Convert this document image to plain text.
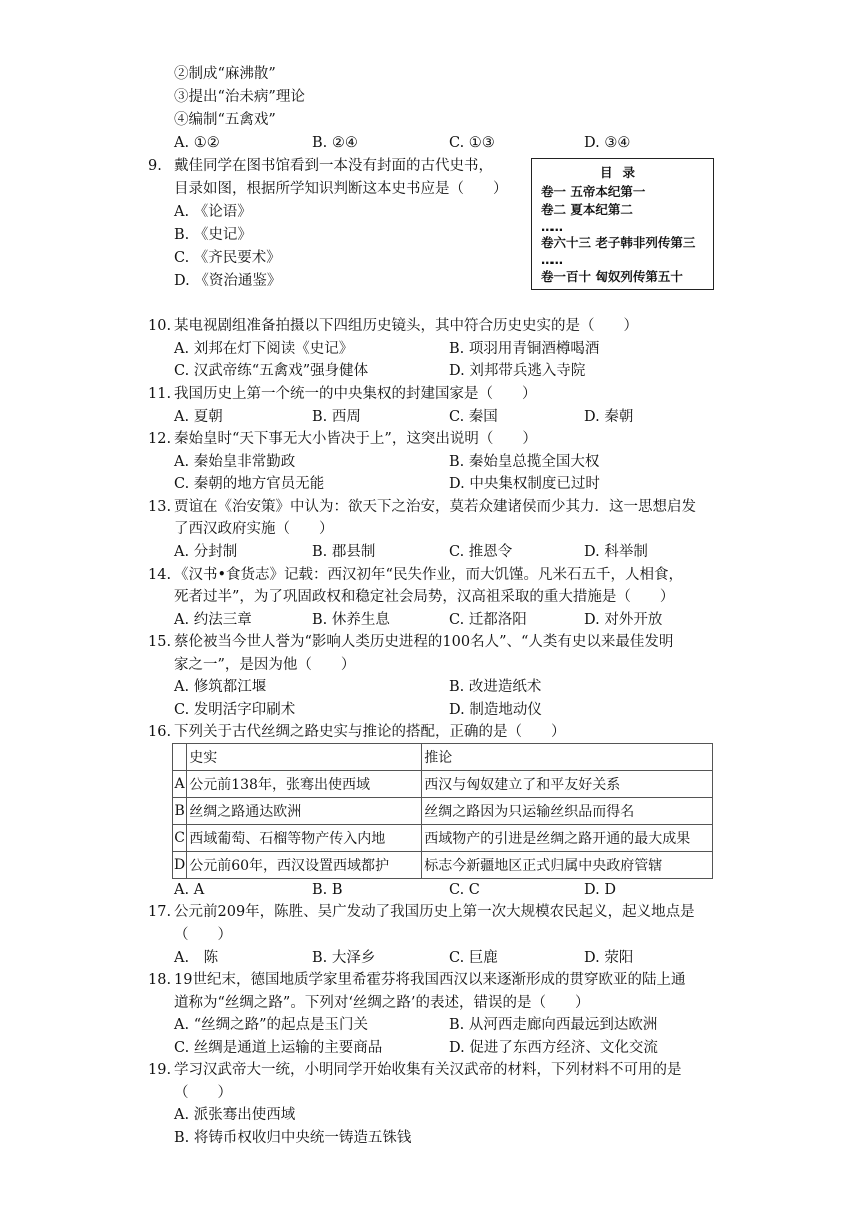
②制成“麻沸散”
③提出“治未病”理论
④编制“五禽戏”
A. ①②	B. ②④	C. ①③	D. ③④
9. 戴佳同学在图书馆看到一本没有封面的古代史书，
目录如图，根据所学知识判断这本史书应是（　　）
A. 《论语》
B. 《史记》
C. 《齐民要术》
D. 《资治通鉴》
目录
卷一 五帝本纪第一
卷二 夏本纪第二
……
卷六十三 老子韩非列传第三
……
卷一百十 匈奴列传第五十
10. 某电视剧组准备拍摄以下四组历史镜头，其中符合历史史实的是（　　）
A. 刘邦在灯下阅读《史记》	B. 项羽用青铜酒樽喝酒
C. 汉武帝练“五禽戏”强身健体	D. 刘邦带兵逃入寺院
11. 我国历史上第一个统一的中央集权的封建国家是（　　）
A. 夏朝	B. 西周	C. 秦国	D. 秦朝
12. 秦始皇时“天下事无大小皆决于上”，这突出说明（　　）
A. 秦始皇非常勤政	B. 秦始皇总揽全国大权
C. 秦朝的地方官员无能	D. 中央集权制度已过时
13. 贾谊在《治安策》中认为：欲天下之治安，莫若众建诸侯而少其力．这一思想启发
了西汉政府实施（　　）
A. 分封制	B. 郡县制	C. 推恩令	D. 科举制
14. 《汉书•食货志》记载：西汉初年“民失作业，而大饥馑。凡米石五千，人相食，
死者过半”，为了巩固政权和稳定社会局势，汉高祖采取的重大措施是（　　）
A. 约法三章	B. 休养生息	C. 迁都洛阳	D. 对外开放
15. 蔡伦被当今世人誉为“影响人类历史进程的100名人”、“人类有史以来最佳发明
家之一”，是因为他（　　）
A. 修筑都江堰	B. 改进造纸术
C. 发明活字印刷术	D. 制造地动仪
16. 下列关于古代丝绸之路史实与推论的搭配，正确的是（　　）
	史实	推论
A	公元前138年，张骞出使西域	西汉与匈奴建立了和平友好关系
B	丝绸之路通达欧洲	丝绸之路因为只运输丝织品而得名
C	西域葡萄、石榴等物产传入内地	西域物产的引进是丝绸之路开通的最大成果
D	公元前60年，西汉设置西域都护	标志今新疆地区正式归属中央政府管辖
A. A	B. B	C. C	D. D
17. 公元前209年，陈胜、吴广发动了我国历史上第一次大规模农民起义，起义地点是
（　　）
A.　陈	B. 大泽乡	C. 巨鹿	D. 荥阳
18. 19世纪末，德国地质学家里希霍芬将我国西汉以来逐渐形成的贯穿欧亚的陆上通
道称为“丝绸之路”。下列对‘丝绸之路’的表述，错误的是（　　）
A. “丝绸之路”的起点是玉门关	B. 从河西走廊向西最远到达欧洲
C. 丝绸是通道上运输的主要商品	D. 促进了东西方经济、文化交流
19. 学习汉武帝大一统，小明同学开始收集有关汉武帝的材料，下列材料不可用的是
（　　）
A. 派张骞出使西域
B. 将铸币权收归中央统一铸造五铢钱
